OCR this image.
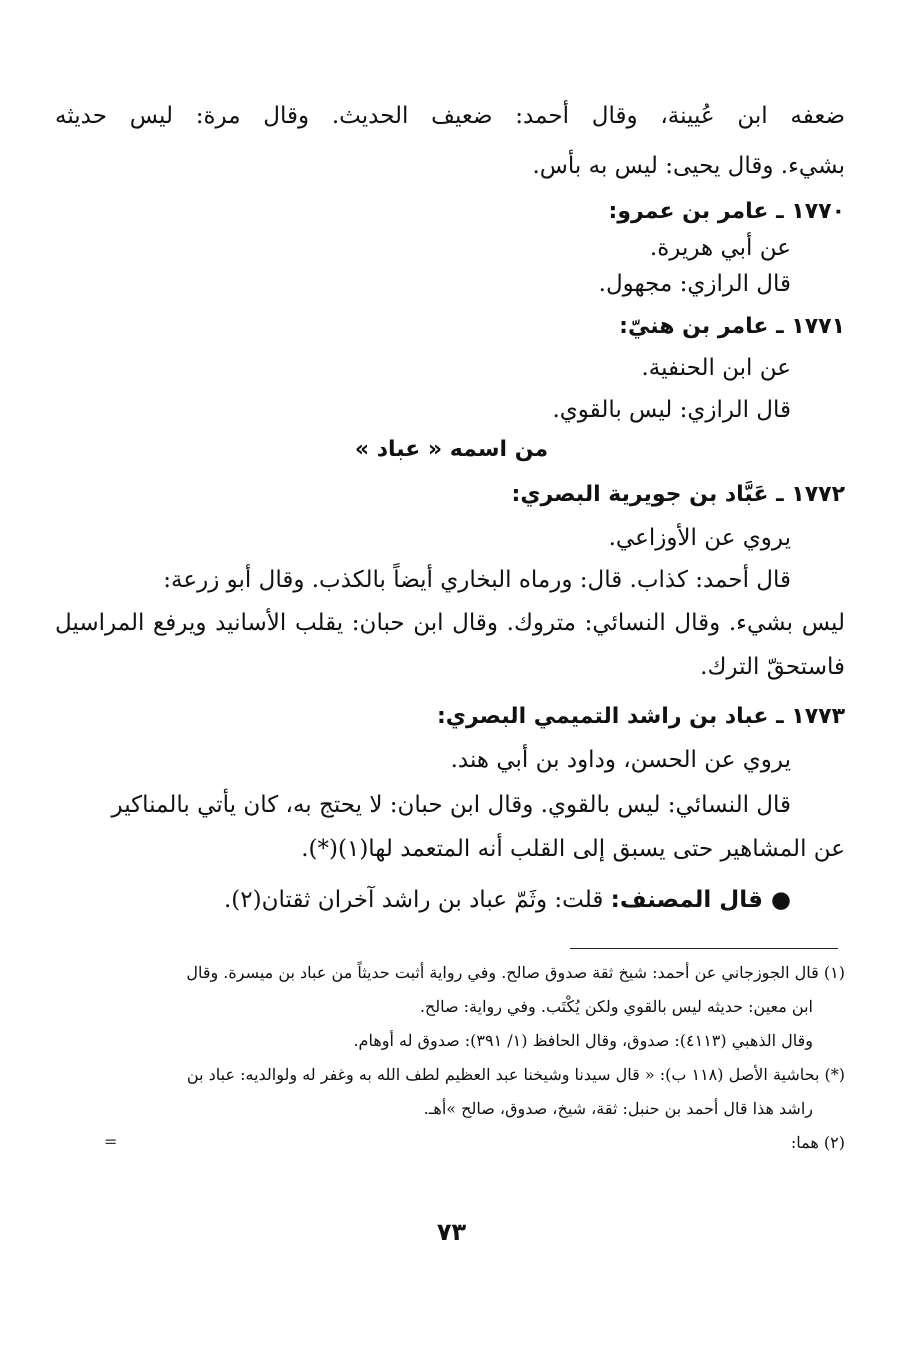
ضعفه ابن عُيينة، وقال أحمد: ضعيف الحديث. وقال مرة: ليس حديثه
بشيء. وقال يحيى: ليس به بأس.
١٧٧٠ ـ عامر بن عمرو:
عن أبي هريرة.
قال الرازي: مجهول.
١٧٧١ ـ عامر بن هنيّ:
عن ابن الحنفية.
قال الرازي: ليس بالقوي.
من اسمه « عباد »
١٧٧٢ ـ عَبَّاد بن جويرية البصري:
يروي عن الأوزاعي.
قال أحمد: كذاب. قال: ورماه البخاري أيضاً بالكذب. وقال أبو زرعة:
ليس بشيء. وقال النسائي: متروك. وقال ابن حبان: يقلب الأسانيد ويرفع المراسيل
فاستحقّ الترك.
١٧٧٣ ـ عباد بن راشد التميمي البصري:
يروي عن الحسن، وداود بن أبي هند.
قال النسائي: ليس بالقوي. وقال ابن حبان: لا يحتج به، كان يأتي بالمناكير
عن المشاهير حتى يسبق إلى القلب أنه المتعمد لها(١)(*).
● قال المصنف: قلت: وثَمّ عباد بن راشد آخران ثقتان(٢).
(١) قال الجوزجاني عن أحمد: شيخ ثقة صدوق صالح. وفي رواية أثبت حديثاً من عباد بن ميسرة. وقال
ابن معين: حديثه ليس بالقوي ولكن يُكْتَب. وفي رواية: صالح.
وقال الذهبي (٤١١٣): صدوق، وقال الحافظ (١/ ٣٩١): صدوق له أوهام.
(*) بحاشية الأصل (١١٨ ب): « قال سيدنا وشيخنا عبد العظيم لطف الله به وغفر له ولوالديه: عباد بن
راشد هذا قال أحمد بن حنبل: ثقة، شيخ، صدوق، صالح »أهـ.
(٢) هما:
=
٧٣
